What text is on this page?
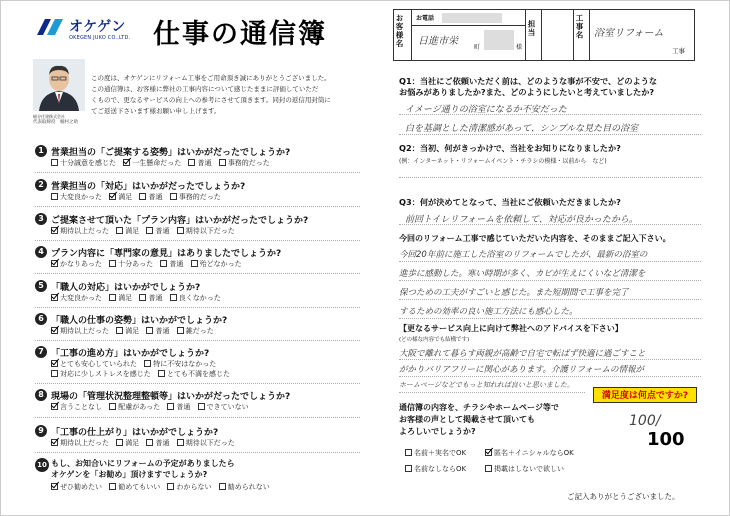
オケゲン
OKEGEN JUKO CO.,LTD. 仕事の通信簿
桶谷住建株式会社
代表取締役　桶村之助

この度は、オケゲンにリフォーム工事をご用命頂き誠にありがとうございました。

この通信簿は、お客様に弊社の工事内容について感じたままに評価していただ

くもので、更なるサービスの向上への参考にさせて頂きます。同封の返信用封筒に

てご返送下さいます様お願い申し上げます。

1 営業担当の「ご提案する姿勢」はいかがだったでしょうか?
十分誠意を感じた 一生懸命だった 普通 事務的だった
2 営業担当の「対応」はいかがだったでしょうか?
大変良かった 満足 普通 事務的だった
3 ご提案させて頂いた「プラン内容」はいかがだったでしょうか?
期待以上だった 満足 普通 期待以下だった
4 プラン内容に「専門家の意見」はありましたでしょうか?
かなりあった 十分あった 普通 殆どなかった
5 「職人の対応」はいかがでしょうか?
大変良かった 満足 普通 良くなかった
6 「職人の仕事の姿勢」はいかがでしょうか?
期待以上だった 満足 普通 雑だった
7 「工事の進め方」はいかがでしょうか?
とても安心していられた 特に不安はなかった
対応に少しストレスを感じた とても不満を感じた
8 現場の「管理状況整理整頓等」はいかがだったでしょうか?
言うことなし 配慮があった 普通 できていない
9 「工事の仕上がり」はいかがでしょうか?
期待以上だった 満足 普通 期待以下だった
10 もし、お知合いにリフォームの予定がありましたら
オケゲンを「お勧め」頂けますでしょうか?
ぜひ勧めたい 勧めてもいい わからない 勧められない
お客様名 お電話
日進市栄
町	様
担当	工事名 浴室リフォーム
工事
Q1：当社にご依頼いただく前は、どのような事が不安で、どのような
お悩みがありましたか?また、どのようにしたいと考えていましたか?
イメージ通りの浴室になるか不安だった
白を基調とした清潔感があって、シンプルな見た目の浴室
Q2：当初、何がきっかけで、当社をお知りになりましたか?
(例：インターネット・リフォームイベント・チラシの模様・以前から　など)
Q3：何が決めてとなって、当社にご依頼いただきましたか?
前回トイレリフォームを依頼して、対応が良かったから。
今回のリフォーム工事で感じていただいた内容を、そのままご記入下さい。
今回20年前に施工した浴室のリフォームでしたが、最新の浴室の
進歩に感動した。寒い時期が多く、カビが生えにくいなど清潔を
保つための工夫がすごいと感じた。また短期間で工事を完了
するための効率の良い施工方法にも感心した。
【更なるサービス向上に向けて弊社へのアドバイスを下さい】
(どの様な内容でも結構です)
大阪で離れて暮らす両親が高齢で自宅で転ばず快適に過ごすこと
がかりバリアフリーに関心があります。介護リフォームの情報が
ホームページなどでもっと知れれば良いと思いました。

通信簿の内容を、チラシやホームページ等で

お客様の声として掲載させて頂いても

よろしいでしょうか?

名前＋実名でOK	匿名＋イニシャルならOK
名前なしならOK	掲載はしないで欲しい
満足度は何点ですか?
100/
100
ご記入ありがとうございました。
